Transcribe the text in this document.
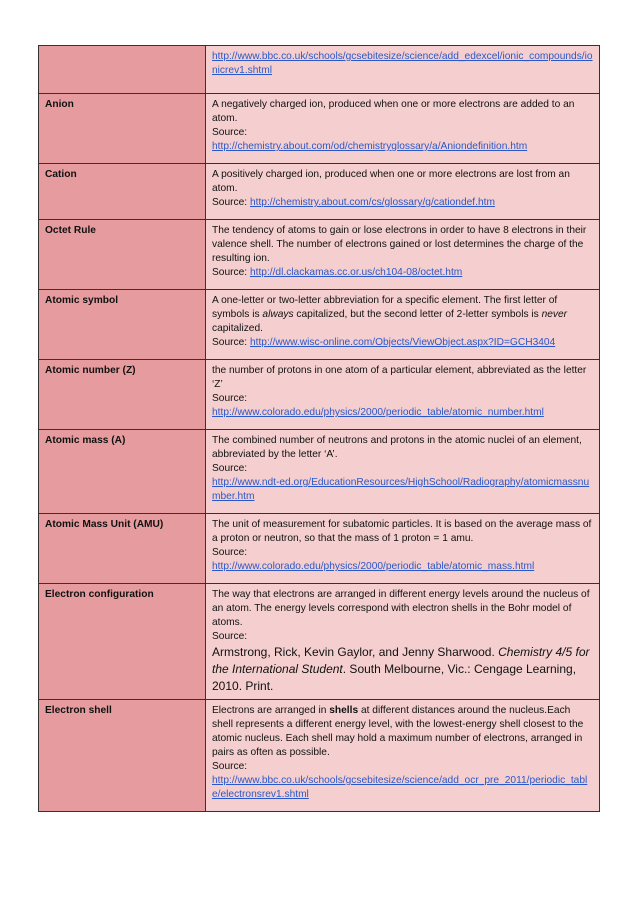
	http://www.bbc.co.uk/schools/gcsebitesize/science/add_edexcel/ionic_compounds/ionicrev1.shtml
Anion	A negatively charged ion, produced when one or more electrons are added to an atom.
Source:
http://chemistry.about.com/od/chemistryglossary/a/Aniondefinition.htm
Cation	A positively charged ion, produced when one or more electrons are lost from an atom.
Source: http://chemistry.about.com/cs/glossary/g/cationdef.htm

Octet Rule	The tendency of atoms to gain or lose electrons in order to have 8 electrons in their valence shell. The number of electrons gained or lost determines the charge of the resulting ion.
Source: http://dl.clackamas.cc.or.us/ch104-08/octet.htm

Atomic symbol	A one-letter or two-letter abbreviation for a specific element. The first letter of symbols is always capitalized, but the second letter of 2-letter symbols is never capitalized.
Source: http://www.wisc-online.com/Objects/ViewObject.aspx?ID=GCH3404

Atomic number (Z)	the number of protons in one atom of a particular element, abbreviated as the letter ‘Z’
Source:
http://www.colorado.edu/physics/2000/periodic_table/atomic_number.html
Atomic mass (A)	The combined number of neutrons and protons in the atomic nuclei of an element, abbreviated by the letter ‘A’.
Source:
http://www.ndt-ed.org/EducationResources/HighSchool/Radiography/atomicmassnumber.htm
Atomic Mass Unit (AMU)	The unit of measurement for subatomic particles. It is based on the average mass of a proton or neutron, so that the mass of 1 proton = 1 amu.
Source:
http://www.colorado.edu/physics/2000/periodic_table/atomic_mass.html
Electron configuration	The way that electrons are arranged in different energy levels around the nucleus of an atom. The energy levels correspond with electron shells in the Bohr model of atoms.
Source:
Armstrong, Rick, Kevin Gaylor, and Jenny Sharwood. Chemistry 4/5 for the International Student. South Melbourne, Vic.: Cengage Learning, 2010. Print.
Electron shell	Electrons are arranged in shells at different distances around the nucleus.Each shell represents a different energy level, with the lowest-energy shell closest to the atomic nucleus. Each shell may hold a maximum number of electrons, arranged in pairs as often as possible.
Source:
http://www.bbc.co.uk/schools/gcsebitesize/science/add_ocr_pre_2011/periodic_table/electronsrev1.shtml
